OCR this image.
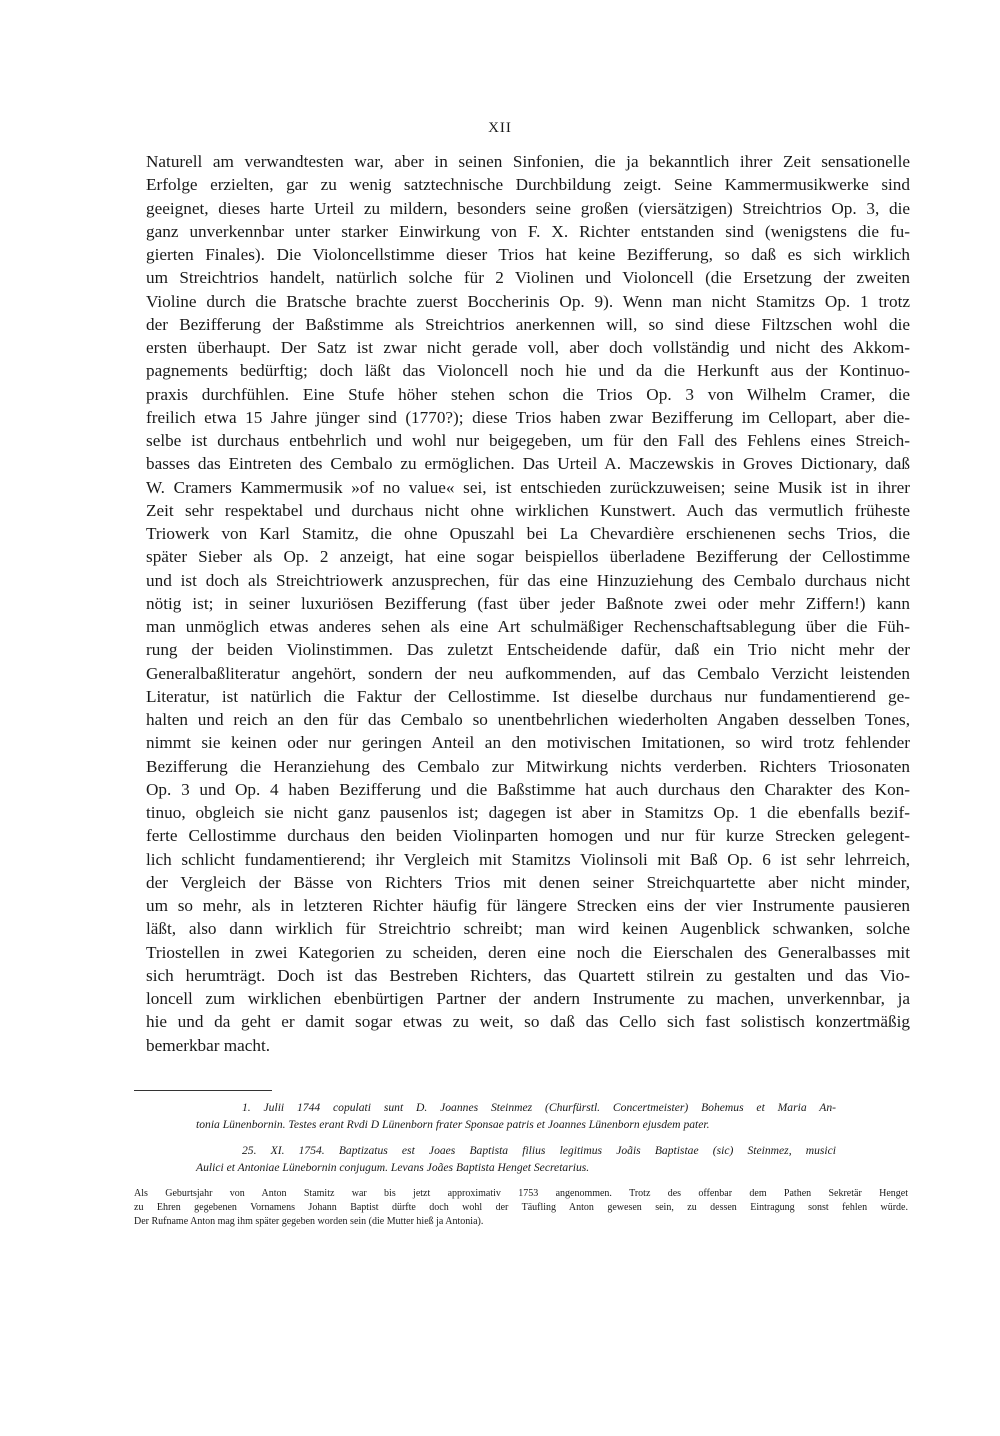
XII
Naturell am verwandtesten war, aber in seinen Sinfonien, die ja bekanntlich ihrer Zeit sensationelle
Erfolge erzielten, gar zu wenig satztechnische Durchbildung zeigt. Seine Kammermusikwerke sind
geeignet, dieses harte Urteil zu mildern, besonders seine großen (viersätzigen) Streichtrios Op. 3, die
ganz unverkennbar unter starker Einwirkung von F. X. Richter entstanden sind (wenigstens die fu-
gierten Finales). Die Violoncellstimme dieser Trios hat keine Bezifferung, so daß es sich wirklich
um Streichtrios handelt, natürlich solche für 2 Violinen und Violoncell (die Ersetzung der zweiten
Violine durch die Bratsche brachte zuerst Boccherinis Op. 9). Wenn man nicht Stamitzs Op. 1 trotz
der Bezifferung der Baßstimme als Streichtrios anerkennen will, so sind diese Filtzschen wohl die
ersten überhaupt. Der Satz ist zwar nicht gerade voll, aber doch vollständig und nicht des Akkom-
pagnements bedürftig; doch läßt das Violoncell noch hie und da die Herkunft aus der Kontinuo-
praxis durchfühlen. Eine Stufe höher stehen schon die Trios Op. 3 von Wilhelm Cramer, die
freilich etwa 15 Jahre jünger sind (1770?); diese Trios haben zwar Bezifferung im Cellopart, aber die-
selbe ist durchaus entbehrlich und wohl nur beigegeben, um für den Fall des Fehlens eines Streich-
basses das Eintreten des Cembalo zu ermöglichen. Das Urteil A. Maczewskis in Groves Dictionary, daß
W. Cramers Kammermusik »of no value« sei, ist entschieden zurückzuweisen; seine Musik ist in ihrer
Zeit sehr respektabel und durchaus nicht ohne wirklichen Kunstwert. Auch das vermutlich früheste
Triowerk von Karl Stamitz, die ohne Opuszahl bei La Chevardière erschienenen sechs Trios, die
später Sieber als Op. 2 anzeigt, hat eine sogar beispiellos überladene Bezifferung der Cellostimme
und ist doch als Streichtriowerk anzusprechen, für das eine Hinzuziehung des Cembalo durchaus nicht
nötig ist; in seiner luxuriösen Bezifferung (fast über jeder Baßnote zwei oder mehr Ziffern!) kann
man unmöglich etwas anderes sehen als eine Art schulmäßiger Rechenschaftsablegung über die Füh-
rung der beiden Violinstimmen. Das zuletzt Entscheidende dafür, daß ein Trio nicht mehr der
Generalbaßliteratur angehört, sondern der neu aufkommenden, auf das Cembalo Verzicht leistenden
Literatur, ist natürlich die Faktur der Cellostimme. Ist dieselbe durchaus nur fundamentierend ge-
halten und reich an den für das Cembalo so unentbehrlichen wiederholten Angaben desselben Tones,
nimmt sie keinen oder nur geringen Anteil an den motivischen Imitationen, so wird trotz fehlender
Bezifferung die Heranziehung des Cembalo zur Mitwirkung nichts verderben. Richters Triosonaten
Op. 3 und Op. 4 haben Bezifferung und die Baßstimme hat auch durchaus den Charakter des Kon-
tinuo, obgleich sie nicht ganz pausenlos ist; dagegen ist aber in Stamitzs Op. 1 die ebenfalls bezif-
ferte Cellostimme durchaus den beiden Violinparten homogen und nur für kurze Strecken gelegent-
lich schlicht fundamentierend; ihr Vergleich mit Stamitzs Violinsoli mit Baß Op. 6 ist sehr lehrreich,
der Vergleich der Bässe von Richters Trios mit denen seiner Streichquartette aber nicht minder,
um so mehr, als in letzteren Richter häufig für längere Strecken eins der vier Instrumente pausieren
läßt, also dann wirklich für Streichtrio schreibt; man wird keinen Augenblick schwanken, solche
Triostellen in zwei Kategorien zu scheiden, deren eine noch die Eierschalen des Generalbasses mit
sich herumträgt. Doch ist das Bestreben Richters, das Quartett stilrein zu gestalten und das Vio-
loncell zum wirklichen ebenbürtigen Partner der andern Instrumente zu machen, unverkennbar, ja
hie und da geht er damit sogar etwas zu weit, so daß das Cello sich fast solistisch konzertmäßig
bemerkbar macht.
1. Julii 1744 copulati sunt D. Joannes Steinmez (Churfürstl. Concertmeister) Bohemus et Maria An-
tonia Lünenbornin. Testes erant Rvdi D Lünenborn frater Sponsae patris et Joannes Lünenborn ejusdem pater.
25. XI. 1754. Baptizatus est Joaes Baptista filius legitimus Joãis Baptistae (sic) Steinmez, musici
Aulici et Antoniae Lünebornin conjugum. Levans Joães Baptista Henget Secretarius.
Als Geburtsjahr von Anton Stamitz war bis jetzt approximativ 1753 angenommen. Trotz des offenbar dem Pathen Sekretär Henget
zu Ehren gegebenen Vornamens Johann Baptist dürfte doch wohl der Täufling Anton gewesen sein, zu dessen Eintragung sonst fehlen würde.
Der Rufname Anton mag ihm später gegeben worden sein (die Mutter hieß ja Antonia).
